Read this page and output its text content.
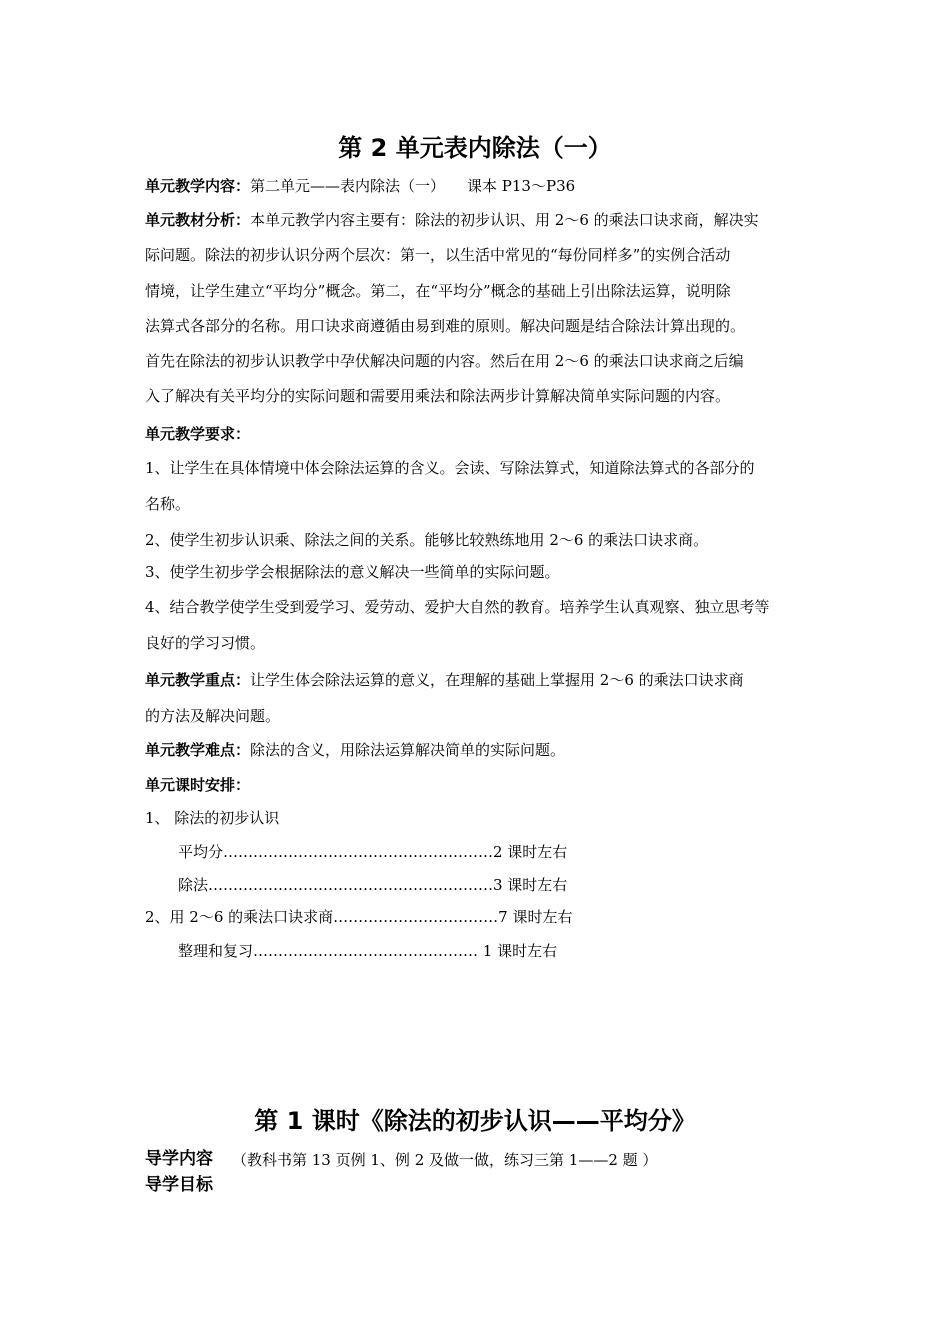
第 2 单元表内除法（一）
单元教学内容：第二单元——表内除法（一） 课本 P13～P36
单元教材分析：本单元教学内容主要有：除法的初步认识、用 2～6 的乘法口诀求商，解决实
际问题。除法的初步认识分两个层次：第一，以生活中常见的“每份同样多”的实例合活动
情境，让学生建立“平均分”概念。第二，在“平均分”概念的基础上引出除法运算，说明除
法算式各部分的名称。用口诀求商遵循由易到难的原则。解决问题是结合除法计算出现的。
首先在除法的初步认识教学中孕伏解决问题的内容。然后在用 2～6 的乘法口诀求商之后编
入了解决有关平均分的实际问题和需要用乘法和除法两步计算解决简单实际问题的内容。
单元教学要求：
1、让学生在具体情境中体会除法运算的含义。会读、写除法算式，知道除法算式的各部分的
名称。
2、使学生初步认识乘、除法之间的关系。能够比较熟练地用 2～6 的乘法口诀求商。
3、使学生初步学会根据除法的意义解决一些简单的实际问题。
4、结合教学使学生受到爱学习、爱劳动、爱护大自然的教育。培养学生认真观察、独立思考等
良好的学习习惯。
单元教学重点：让学生体会除法运算的意义，在理解的基础上掌握用 2～6 的乘法口诀求商
的方法及解决问题。
单元教学难点：除法的含义，用除法运算解决简单的实际问题。
单元课时安排：
1、 除法的初步认识
平均分………………………………………………2 课时左右
除法…………………………………………………3 课时左右
2、用 2～6 的乘法口诀求商……………………………7 课时左右
整理和复习……………………………………… 1 课时左右
第 1 课时《除法的初步认识——平均分》
导学内容 （教科书第 13 页例 1、例 2 及做一做，练习三第 1——2 题 ）
导学目标
